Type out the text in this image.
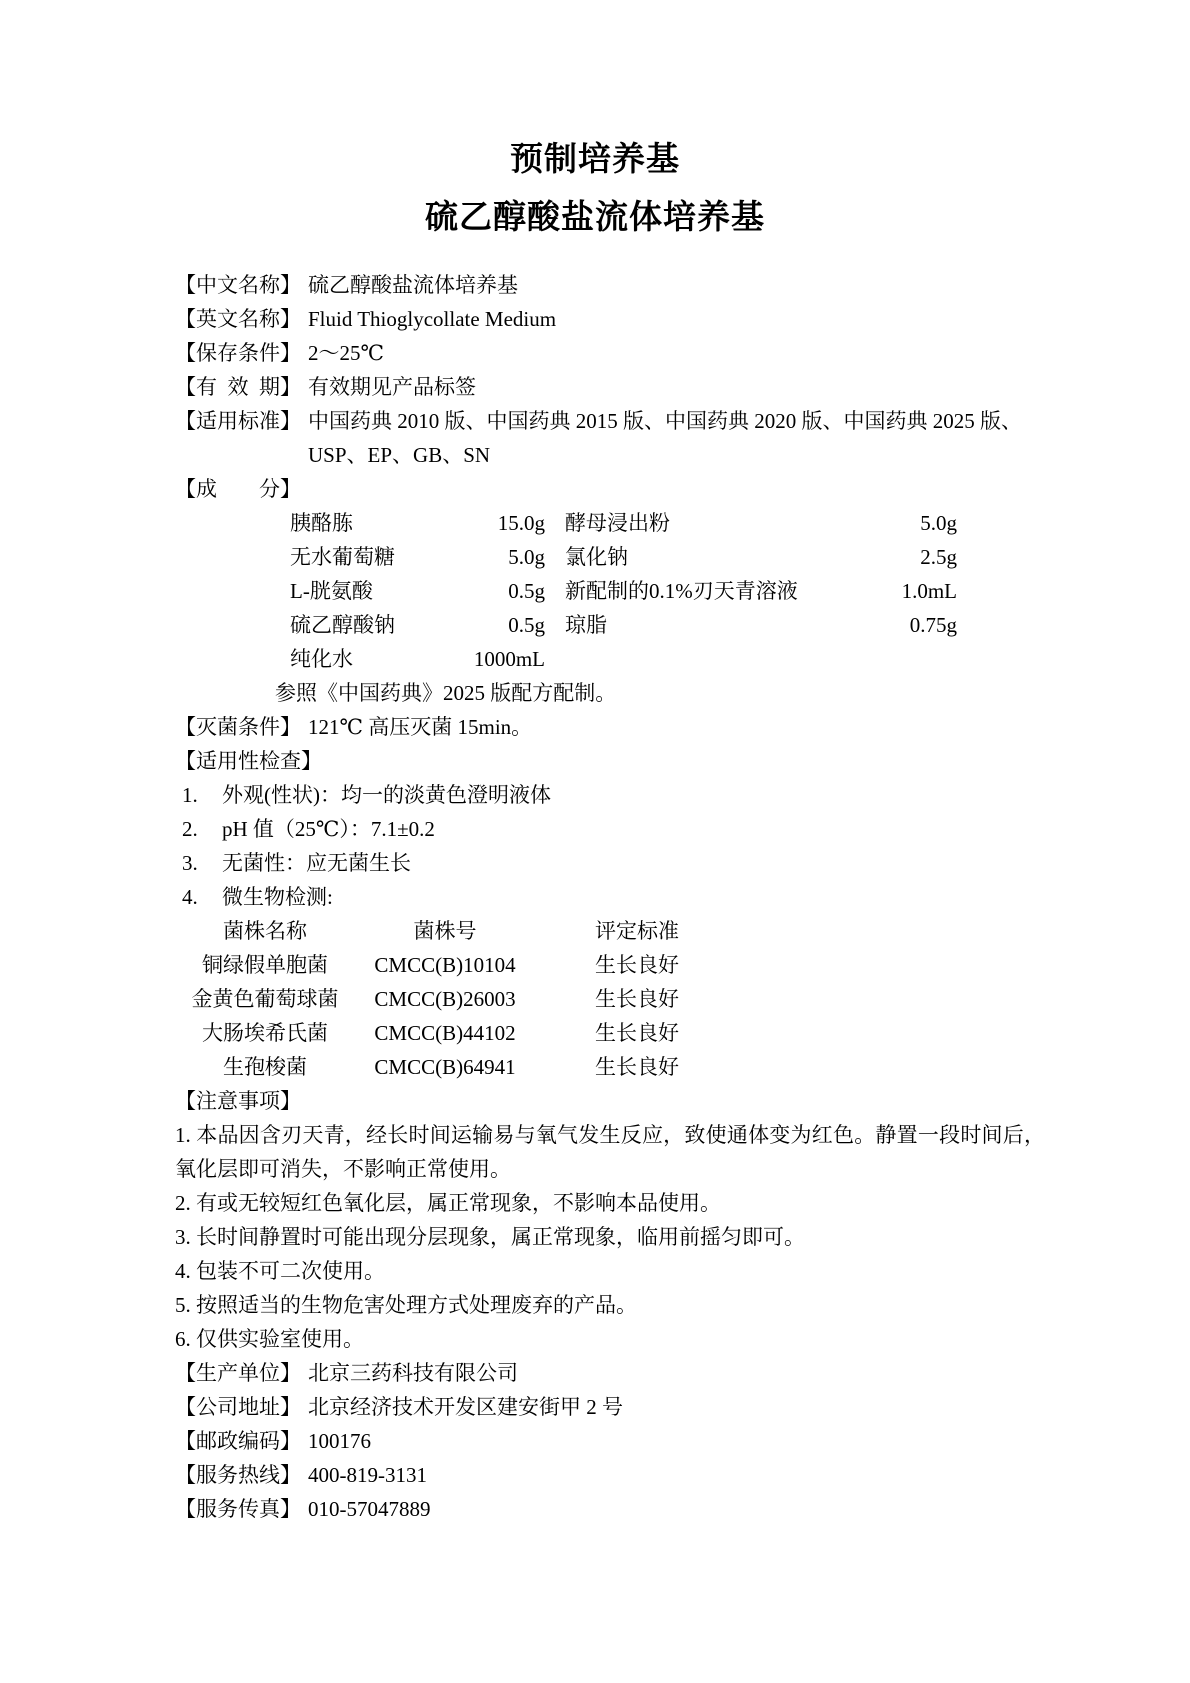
预制培养基
硫乙醇酸盐流体培养基
【中文名称】 硫乙醇酸盐流体培养基
【英文名称】 Fluid Thioglycollate Medium
【保存条件】 2～25℃
【有 效 期】 有效期见产品标签
【适用标准】 中国药典 2010 版、中国药典 2015 版、中国药典 2020 版、中国药典 2025 版、
USP、EP、GB、SN
【成　　分】
胰酪胨	15.0g 酵母浸出粉	5.0g
无水葡萄糖	5.0g 氯化钠	2.5g
L-胱氨酸	0.5g 新配制的0.1%刃天青溶液	1.0mL
硫乙醇酸钠	0.5g 琼脂	0.75g
纯化水	1000mL
参照《中国药典》2025 版配方配制。
【灭菌条件】 121℃ 高压灭菌 15min。
【适用性检查】
1. 外观(性状)：均一的淡黄色澄明液体
2. pH 值（25℃）：7.1±0.2
3. 无菌性：应无菌生长
4. 微生物检测:
菌株名称	菌株号	评定标准
铜绿假单胞菌	CMCC(B)10104	生长良好
金黄色葡萄球菌	CMCC(B)26003	生长良好
大肠埃希氏菌	CMCC(B)44102	生长良好
生孢梭菌	CMCC(B)64941	生长良好
【注意事项】
1. 本品因含刃天青，经长时间运输易与氧气发生反应，致使通体变为红色。静置一段时间后，氧化层即可消失，不影响正常使用。
2. 有或无较短红色氧化层，属正常现象，不影响本品使用。
3. 长时间静置时可能出现分层现象，属正常现象，临用前摇匀即可。
4. 包装不可二次使用。
5. 按照适当的生物危害处理方式处理废弃的产品。
6. 仅供实验室使用。
【生产单位】 北京三药科技有限公司
【公司地址】 北京经济技术开发区建安街甲 2 号
【邮政编码】 100176
【服务热线】 400-819-3131
【服务传真】 010-57047889
